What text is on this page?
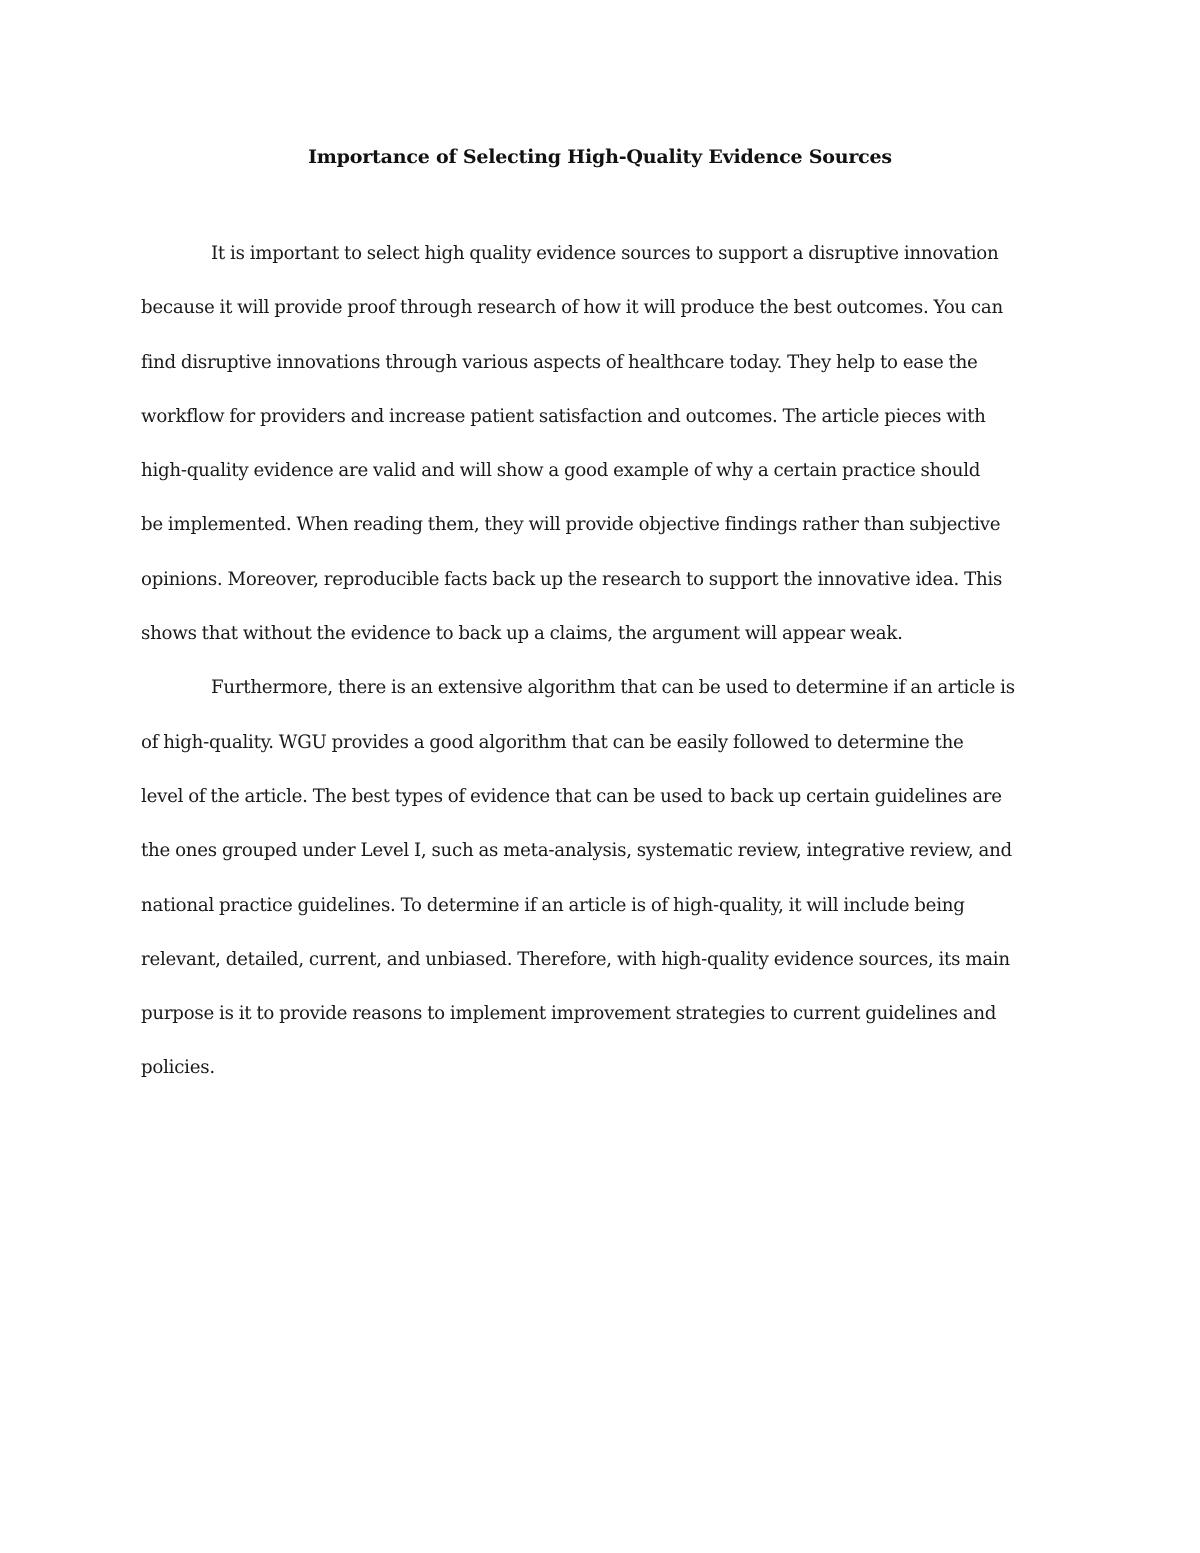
Importance of Selecting High-Quality Evidence Sources
It is important to select high quality evidence sources to support a disruptive innovation
because it will provide proof through research of how it will produce the best outcomes. You can
find disruptive innovations through various aspects of healthcare today. They help to ease the
workflow for providers and increase patient satisfaction and outcomes. The article pieces with
high-quality evidence are valid and will show a good example of why a certain practice should
be implemented. When reading them, they will provide objective findings rather than subjective
opinions. Moreover, reproducible facts back up the research to support the innovative idea. This
shows that without the evidence to back up a claims, the argument will appear weak.
Furthermore, there is an extensive algorithm that can be used to determine if an article is
of high-quality. WGU provides a good algorithm that can be easily followed to determine the
level of the article. The best types of evidence that can be used to back up certain guidelines are
the ones grouped under Level I, such as meta-analysis, systematic review, integrative review, and
national practice guidelines. To determine if an article is of high-quality, it will include being
relevant, detailed, current, and unbiased. Therefore, with high-quality evidence sources, its main
purpose is it to provide reasons to implement improvement strategies to current guidelines and
policies.
